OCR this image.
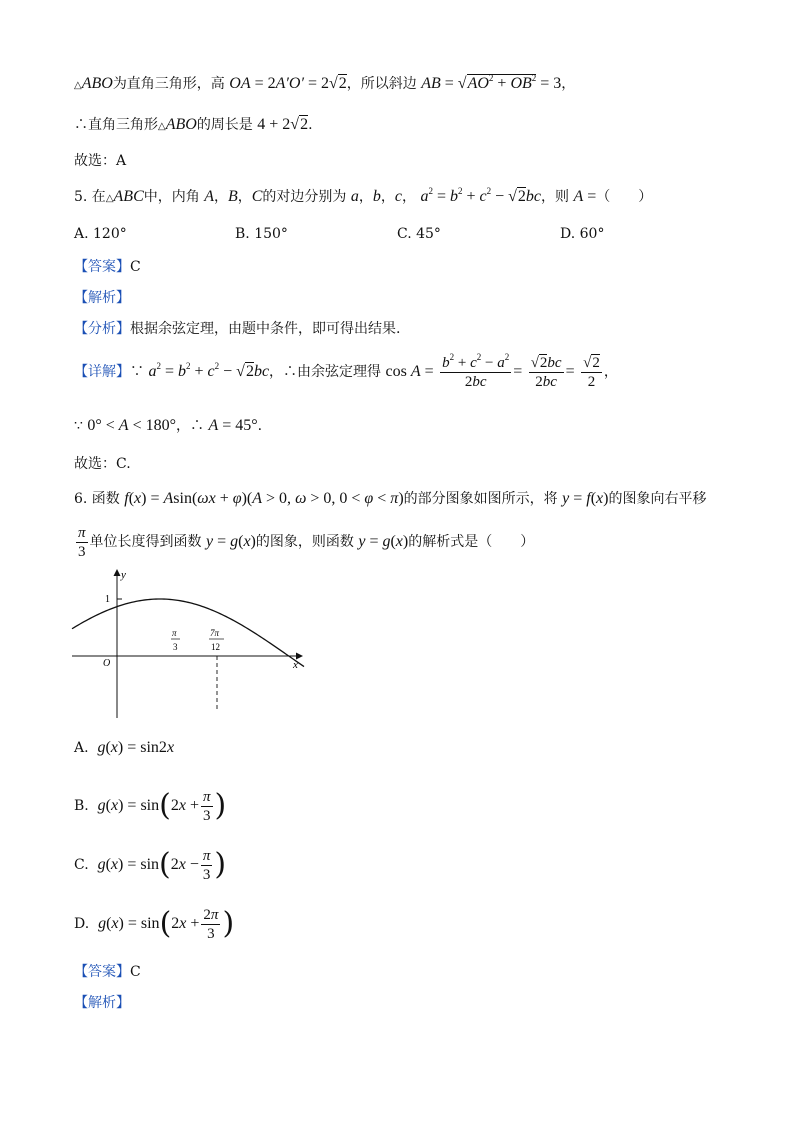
△ABO为直角三角形，高 OA = 2A′O′ = 2√2，所以斜边 AB = $√AO^2 + OB^2 = 3$，
∴直角三角形△ABO的周长是 4 + 2√2.
故选：A
5. 在△ABC中，内角 A，B，C的对边分别为 a，b，c， $a^2 = b^2 + c^2 - √2bc$，则 A =（　　）
A. 120°	B. 150°	C. 45°	D. 60°
【答案】C
【解析】
【分析】根据余弦定理，由题中条件，即可得出结果.
【详解】∵ $a^2 = b^2 + c^2 - √2bc$，∴由余弦定理得 $\cos A = \frac{b^2 + c^2 - a^2}{2bc} = \frac{√2bc}{2bc} = \frac{√2}{2}$ ，
∵ 0° < A < 180°，∴ A = 45°.
故选：C.
6. 函数 f(x) = Asin(ωx + φ)(A > 0, ω > 0, 0 < φ < π)的部分图象如图所示，将 y = f(x)的图象向右平移
$\frac{\pi}{3}$ 单位长度得到函数 y = g(x)的图象，则函数 y = g(x)的解析式是（　　）
y
x
O
1
π
3
7π
12
A. g(x) = sin2x
B. $g(x) = \sin(2x + \frac{\pi}{3}$ )
C. $g(x) = \sin(2x - \frac{\pi}{3}$ )
D. $g(x) = \sin(2x + \frac{2\pi}{3}$ )
【答案】C
【解析】
